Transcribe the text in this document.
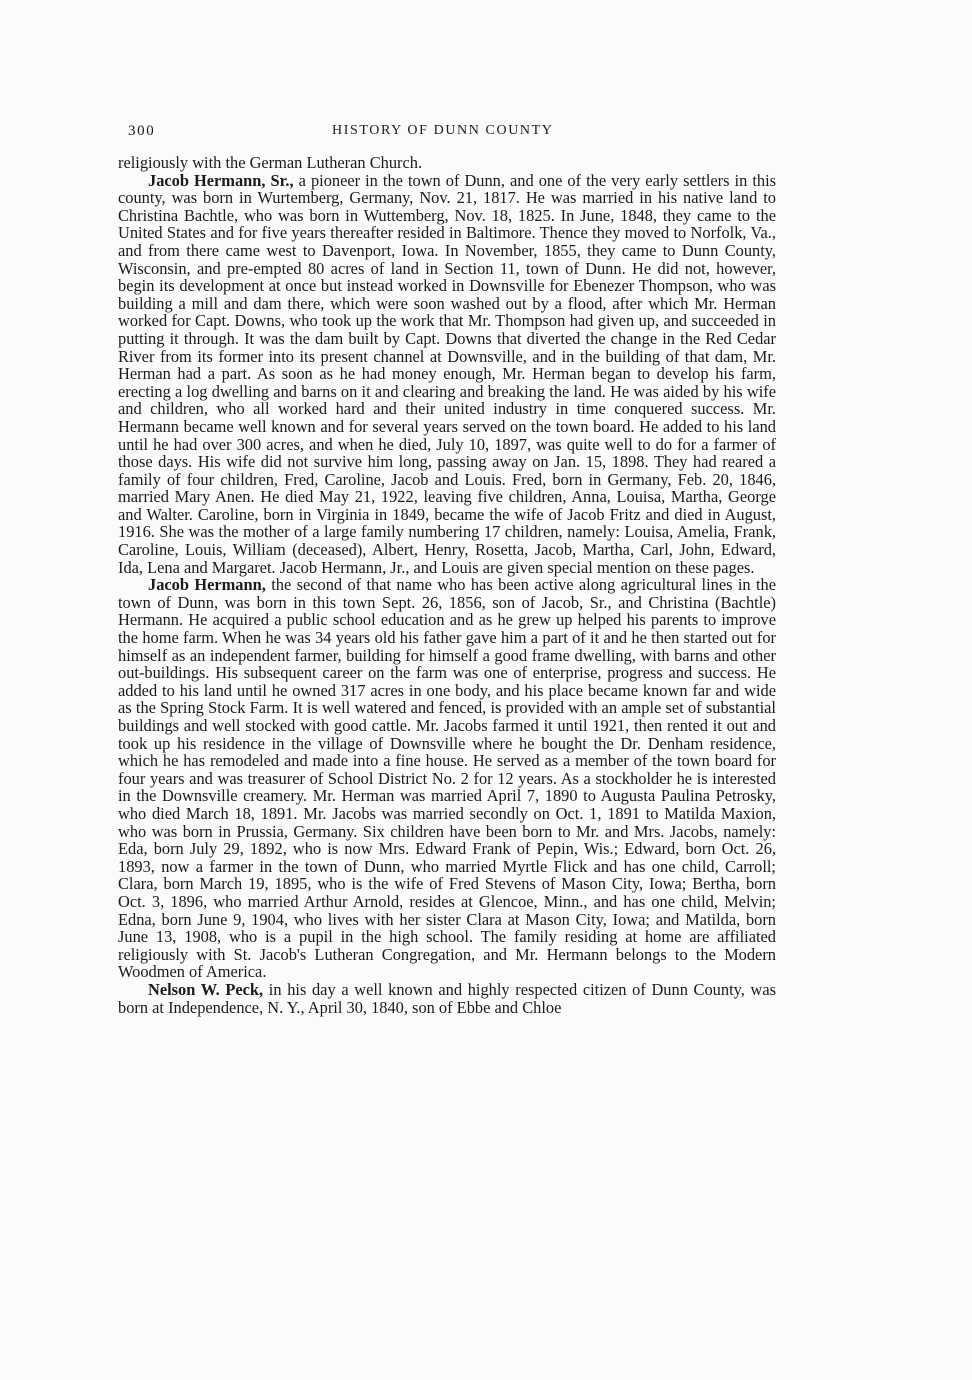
300	HISTORY OF DUNN COUNTY

religiously with the German Lutheran Church.

Jacob Hermann, Sr., a pioneer in the town of Dunn, and one of the very early settlers in this county, was born in Wurtemberg, Germany, Nov. 21, 1817. He was married in his native land to Christina Bachtle, who was born in Wuttemberg, Nov. 18, 1825. In June, 1848, they came to the United States and for five years thereafter resided in Baltimore. Thence they moved to Norfolk, Va., and from there came west to Davenport, Iowa. In November, 1855, they came to Dunn County, Wisconsin, and pre-empted 80 acres of land in Section 11, town of Dunn. He did not, however, begin its development at once but instead worked in Downsville for Ebenezer Thompson, who was building a mill and dam there, which were soon washed out by a flood, after which Mr. Herman worked for Capt. Downs, who took up the work that Mr. Thompson had given up, and succeeded in putting it through. It was the dam built by Capt. Downs that diverted the change in the Red Cedar River from its former into its present channel at Downsville, and in the building of that dam, Mr. Herman had a part. As soon as he had money enough, Mr. Herman began to develop his farm, erecting a log dwelling and barns on it and clearing and breaking the land. He was aided by his wife and children, who all worked hard and their united industry in time conquered success. Mr. Hermann became well known and for several years served on the town board. He added to his land until he had over 300 acres, and when he died, July 10, 1897, was quite well to do for a farmer of those days. His wife did not survive him long, passing away on Jan. 15, 1898. They had reared a family of four children, Fred, Caroline, Jacob and Louis. Fred, born in Germany, Feb. 20, 1846, married Mary Anen. He died May 21, 1922, leaving five children, Anna, Louisa, Martha, George and Walter. Caroline, born in Virginia in 1849, became the wife of Jacob Fritz and died in August, 1916. She was the mother of a large family numbering 17 children, namely: Louisa, Amelia, Frank, Caroline, Louis, William (deceased), Albert, Henry, Rosetta, Jacob, Martha, Carl, John, Edward, Ida, Lena and Margaret. Jacob Hermann, Jr., and Louis are given special mention on these pages.

Jacob Hermann, the second of that name who has been active along agricultural lines in the town of Dunn, was born in this town Sept. 26, 1856, son of Jacob, Sr., and Christina (Bachtle) Hermann. He acquired a public school education and as he grew up helped his parents to improve the home farm. When he was 34 years old his father gave him a part of it and he then started out for himself as an independent farmer, building for himself a good frame dwelling, with barns and other out-buildings. His subsequent career on the farm was one of enterprise, progress and success. He added to his land until he owned 317 acres in one body, and his place became known far and wide as the Spring Stock Farm. It is well watered and fenced, is provided with an ample set of substantial buildings and well stocked with good cattle. Mr. Jacobs farmed it until 1921, then rented it out and took up his residence in the village of Downsville where he bought the Dr. Denham residence, which he has remodeled and made into a fine house. He served as a member of the town board for four years and was treasurer of School District No. 2 for 12 years. As a stockholder he is interested in the Downsville creamery. Mr. Herman was married April 7, 1890 to Augusta Paulina Petrosky, who died March 18, 1891. Mr. Jacobs was married secondly on Oct. 1, 1891 to Matilda Maxion, who was born in Prussia, Germany. Six children have been born to Mr. and Mrs. Jacobs, namely: Eda, born July 29, 1892, who is now Mrs. Edward Frank of Pepin, Wis.; Edward, born Oct. 26, 1893, now a farmer in the town of Dunn, who married Myrtle Flick and has one child, Carroll; Clara, born March 19, 1895, who is the wife of Fred Stevens of Mason City, Iowa; Bertha, born Oct. 3, 1896, who married Arthur Arnold, resides at Glencoe, Minn., and has one child, Melvin; Edna, born June 9, 1904, who lives with her sister Clara at Mason City, Iowa; and Matilda, born June 13, 1908, who is a pupil in the high school. The family residing at home are affiliated religiously with St. Jacob's Lutheran Congregation, and Mr. Hermann belongs to the Modern Woodmen of America.

Nelson W. Peck, in his day a well known and highly respected citizen of Dunn County, was born at Independence, N. Y., April 30, 1840, son of Ebbe and Chloe
